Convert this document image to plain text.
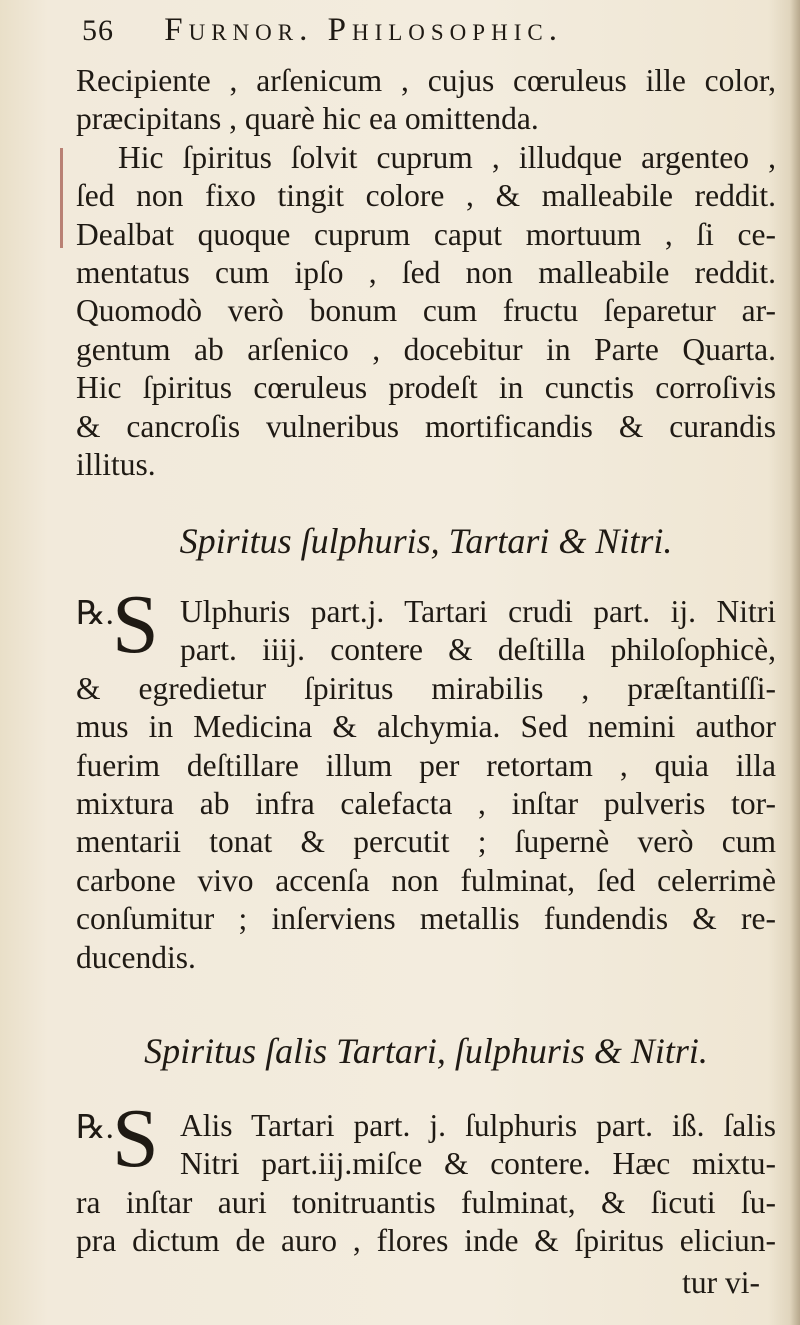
56 Furnor. Philosophic.
Recipiente , arſenicum , cujus cœruleus ille color,
præcipitans , quarè hic ea omittenda.
Hic ſpiritus ſolvit cuprum , illudque argenteo ,
ſed non fixo tingit colore , & malleabile reddit.
Dealbat quoque cuprum caput mortuum , ſi ce-
mentatus cum ipſo , ſed non malleabile reddit.
Quomodò verò bonum cum fructu ſeparetur ar-
gentum ab arſenico , docebitur in Parte Quarta.
Hic ſpiritus cœruleus prodeſt in cunctis corroſivis
& cancroſis vulneribus mortificandis & curandis
illitus.
Spiritus ſulphuris, Tartari & Nitri.
℞.
S Ulphuris part.j. Tartari crudi part. ij. Nitri
part. iiij. contere & deſtilla philoſophicè,
& egredietur ſpiritus mirabilis , præſtantiſſi-
mus in Medicina & alchymia. Sed nemini author
fuerim deſtillare illum per retortam , quia illa
mixtura ab infra calefacta , inſtar pulveris tor-
mentarii tonat & percutit ; ſupernè verò cum
carbone vivo accenſa non fulminat, ſed celerrimè
conſumitur ; inſerviens metallis fundendis & re-
ducendis.
Spiritus ſalis Tartari, ſulphuris & Nitri.
℞.
S Alis Tartari part. j. ſulphuris part. iß. ſalis
Nitri part.iij.miſce & contere. Hæc mixtu-
ra inſtar auri tonitruantis fulminat, & ſicuti ſu-
pra dictum de auro , flores inde & ſpiritus eliciun-
tur vi-
